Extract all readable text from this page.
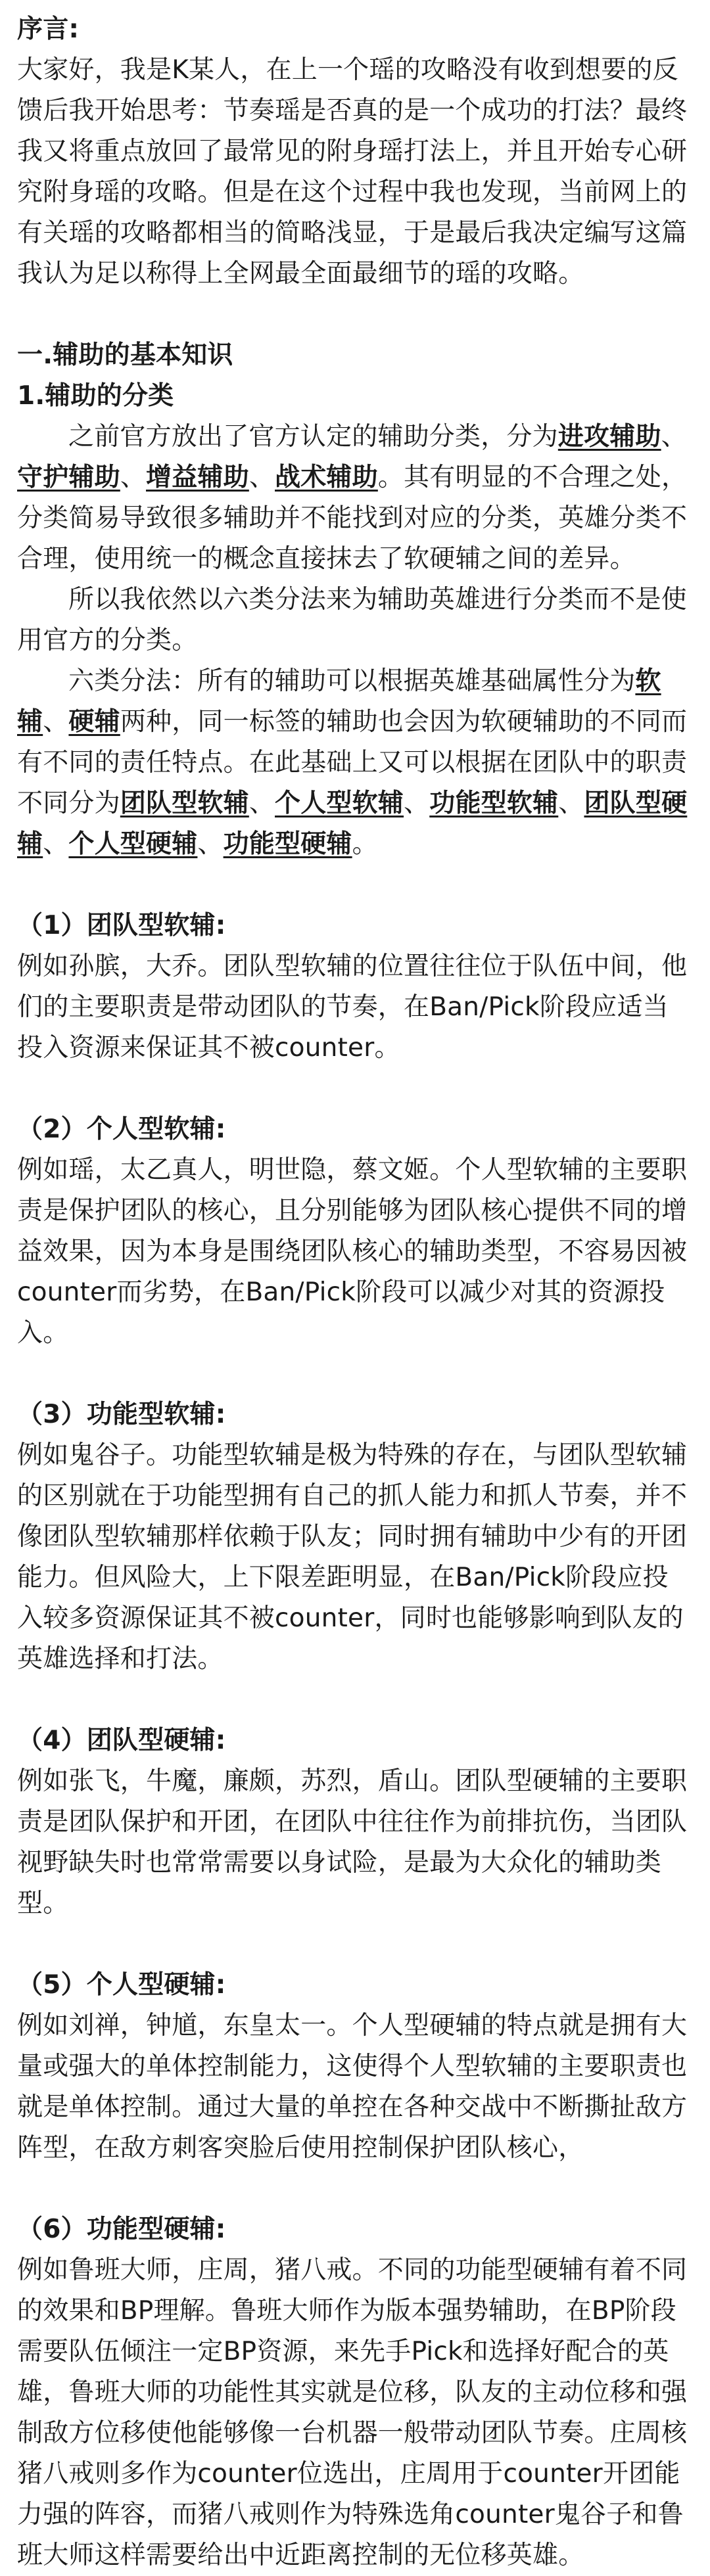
序言:

大家好，我是K某人，在上一个瑶的攻略没有收到想要的反馈后我开始思考：节奏瑶是否真的是一个成功的打法？最终我又将重点放回了最常见的附身瑶打法上，并且开始专心研究附身瑶的攻略。但是在这个过程中我也发现，当前网上的有关瑶的攻略都相当的简略浅显，于是最后我决定编写这篇我认为足以称得上全网最全面最细节的瑶的攻略。

一.辅助的基本知识

1.辅助的分类

之前官方放出了官方认定的辅助分类，分为进攻辅助、守护辅助、增益辅助、战术辅助。其有明显的不合理之处，分类简易导致很多辅助并不能找到对应的分类，英雄分类不合理，使用统一的概念直接抹去了软硬辅之间的差异。

所以我依然以六类分法来为辅助英雄进行分类而不是使用官方的分类。

六类分法：所有的辅助可以根据英雄基础属性分为软辅、硬辅两种，同一标签的辅助也会因为软硬辅助的不同而有不同的责任特点。在此基础上又可以根据在团队中的职责不同分为团队型软辅、个人型软辅、功能型软辅、团队型硬辅、个人型硬辅、功能型硬辅。

（1）团队型软辅:

例如孙膑，大乔。团队型软辅的位置往往位于队伍中间，他们的主要职责是带动团队的节奏，在Ban/Pick阶段应适当投入资源来保证其不被counter。

（2）个人型软辅:

例如瑶，太乙真人，明世隐，蔡文姬。个人型软辅的主要职责是保护团队的核心，且分别能够为团队核心提供不同的增益效果，因为本身是围绕团队核心的辅助类型，不容易因被counter而劣势，在Ban/Pick阶段可以减少对其的资源投入。

（3）功能型软辅:

例如鬼谷子。功能型软辅是极为特殊的存在，与团队型软辅的区别就在于功能型拥有自己的抓人能力和抓人节奏，并不像团队型软辅那样依赖于队友；同时拥有辅助中少有的开团能力。但风险大，上下限差距明显，在Ban/Pick阶段应投入较多资源保证其不被counter，同时也能够影响到队友的英雄选择和打法。

（4）团队型硬辅:

例如张飞，牛魔，廉颇，苏烈，盾山。团队型硬辅的主要职责是团队保护和开团，在团队中往往作为前排抗伤，当团队视野缺失时也常常需要以身试险，是最为大众化的辅助类型。

（5）个人型硬辅:

例如刘禅，钟馗，东皇太一。个人型硬辅的特点就是拥有大量或强大的单体控制能力，这使得个人型软辅的主要职责也就是单体控制。通过大量的单控在各种交战中不断撕扯敌方阵型，在敌方刺客突脸后使用控制保护团队核心，

（6）功能型硬辅:

例如鲁班大师，庄周，猪八戒。不同的功能型硬辅有着不同的效果和BP理解。鲁班大师作为版本强势辅助，在BP阶段需要队伍倾注一定BP资源，来先手Pick和选择好配合的英雄，鲁班大师的功能性其实就是位移，队友的主动位移和强制敌方位移使他能够像一台机器一般带动团队节奏。庄周核猪八戒则多作为counter位选出，庄周用于counter开团能力强的阵容，而猪八戒则作为特殊选角counter鬼谷子和鲁班大师这样需要给出中近距离控制的无位移英雄。
